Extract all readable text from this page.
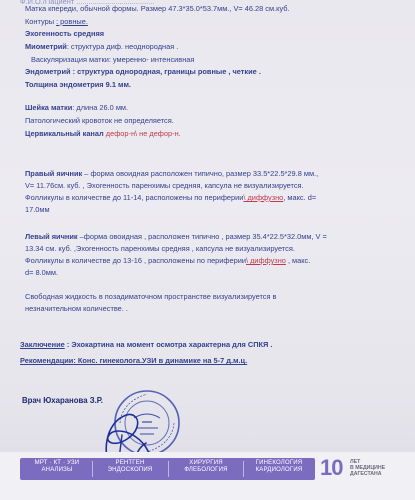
Ф.И.О./Пациент ......................................
Матка кпереди, обычной формы. Размер 47.3*35.0*53.7мм., V= 46.28 см.куб.
Контуры : ровные.
Эхогенность средняя
Миометрий: структура диф. неоднородная .
Васкуляризация матки: умеренно- интенсивная
Эндометрий : структура однородная, границы ровные , четкие .
Толщина эндометрия 9.1 мм.
Шейка матки: длина 26.0 мм.
Патологический кровоток не определяется.
Цервикальный канал дефор-н\ не дефор-н.
Правый яичник – форма овоидная расположен типично, размер 33.5*22.5*29.8 мм.,
V= 11.76см. куб. , Эхогенность паренхимы средняя, капсула не визуализируется.
Фолликулы в количестве до 11-14, расположены по периферии\ диффузно, макс. d=
17.0мм
Левый яичник –форма овоидная , расположен типично , размер 35.4*22.5*32.0мм, V =
13.34 см. куб. ,Эхогенность паренхимы средняя , капсула не визуализируется.
Фолликулы в количестве до 13-16 , расположены по периферии\ диффузно , макс.
d= 8.0мм.
Свободная жидкость в позадиматочном пространстве визуализируется в
незначительном количестве. .
Заключение : Эхокартина на момент осмотра характерна для СПКЯ .
Рекомендации: Конс. гинеколога.УЗИ в динамике на 5-7 д.м.ц.
Врач Юхаранова З.Р.
МРТ · КТ · УЗИ
АНАЛИЗЫ
РЕНТГЕН
ЭНДОСКОПИЯ
ХИРУРГИЯ
ФЛЕБОЛОГИЯ
ГИНЕКОЛОГИЯ
КАРДИОЛОГИЯ 10 ЛЕТ
В МЕДИЦИНЕ
ДАГЕСТАНА
